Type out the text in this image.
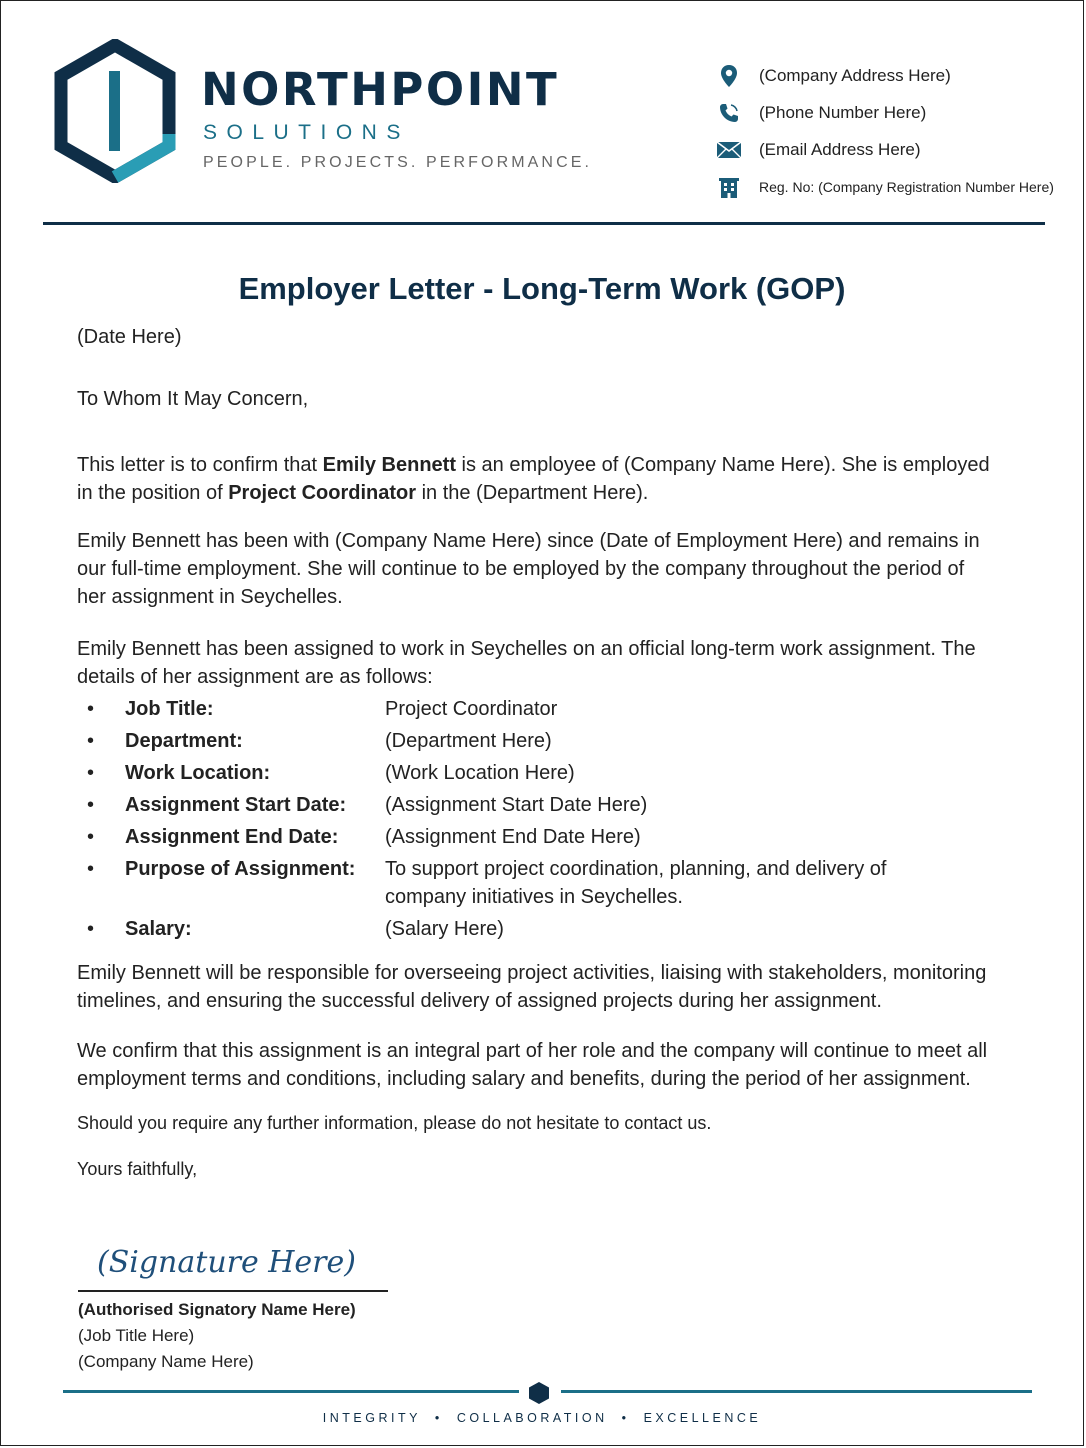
NORTHPOINT
SOLUTIONS
PEOPLE. PROJECTS. PERFORMANCE.
(Company Address Here)
(Phone Number Here)
(Email Address Here)
Reg. No: (Company Registration Number Here)
Employer Letter - Long-Term Work (GOP)

(Date Here)

To Whom It May Concern,

This letter is to confirm that Emily Bennett is an employee of (Company Name Here). She is employed in the position of Project Coordinator in the (Department Here).

Emily Bennett has been with (Company Name Here) since (Date of Employment Here) and remains in our full-time employment. She will continue to be employed by the company throughout the period of her assignment in Seychelles.

Emily Bennett has been assigned to work in Seychelles on an official long-term work assignment. The details of her assignment are as follows:

•	Job Title:	Project Coordinator
•	Department:	(Department Here)
•	Work Location:	(Work Location Here)
•	Assignment Start Date:	(Assignment Start Date Here)
•	Assignment End Date:	(Assignment End Date Here)
•	Purpose of Assignment:	To support project coordination, planning, and delivery of company initiatives in Seychelles.
•	Salary:	(Salary Here)

Emily Bennett will be responsible for overseeing project activities, liaising with stakeholders, monitoring timelines, and ensuring the successful delivery of assigned projects during her assignment.

We confirm that this assignment is an integral part of her role and the company will continue to meet all employment terms and conditions, including salary and benefits, during the period of her assignment.

Should you require any further information, please do not hesitate to contact us.

Yours faithfully,

(Signature Here)
(Authorised Signatory Name Here)
(Job Title Here)
(Company Name Here)
INTEGRITY • COLLABORATION • EXCELLENCE
